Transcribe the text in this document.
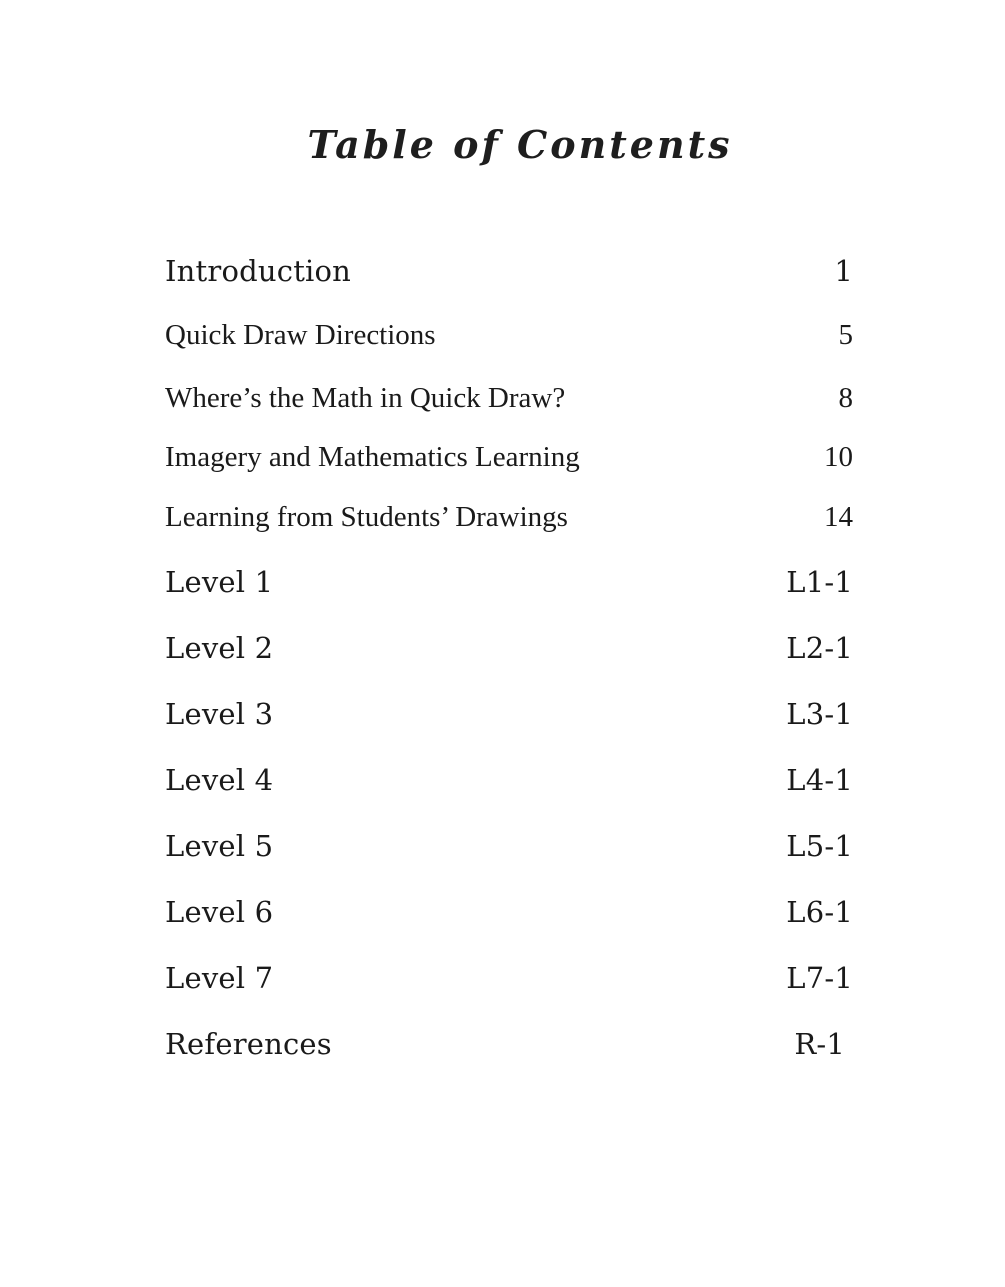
Table of Contents
Introduction	1
Quick Draw Directions	5
Where’s the Math in Quick Draw?	8
Imagery and Mathematics Learning	10
Learning from Students’ Drawings	14
Level 1	L1-1
Level 2	L2-1
Level 3	L3-1
Level 4	L4-1
Level 5	L5-1
Level 6	L6-1
Level 7	L7-1
References	R-1
